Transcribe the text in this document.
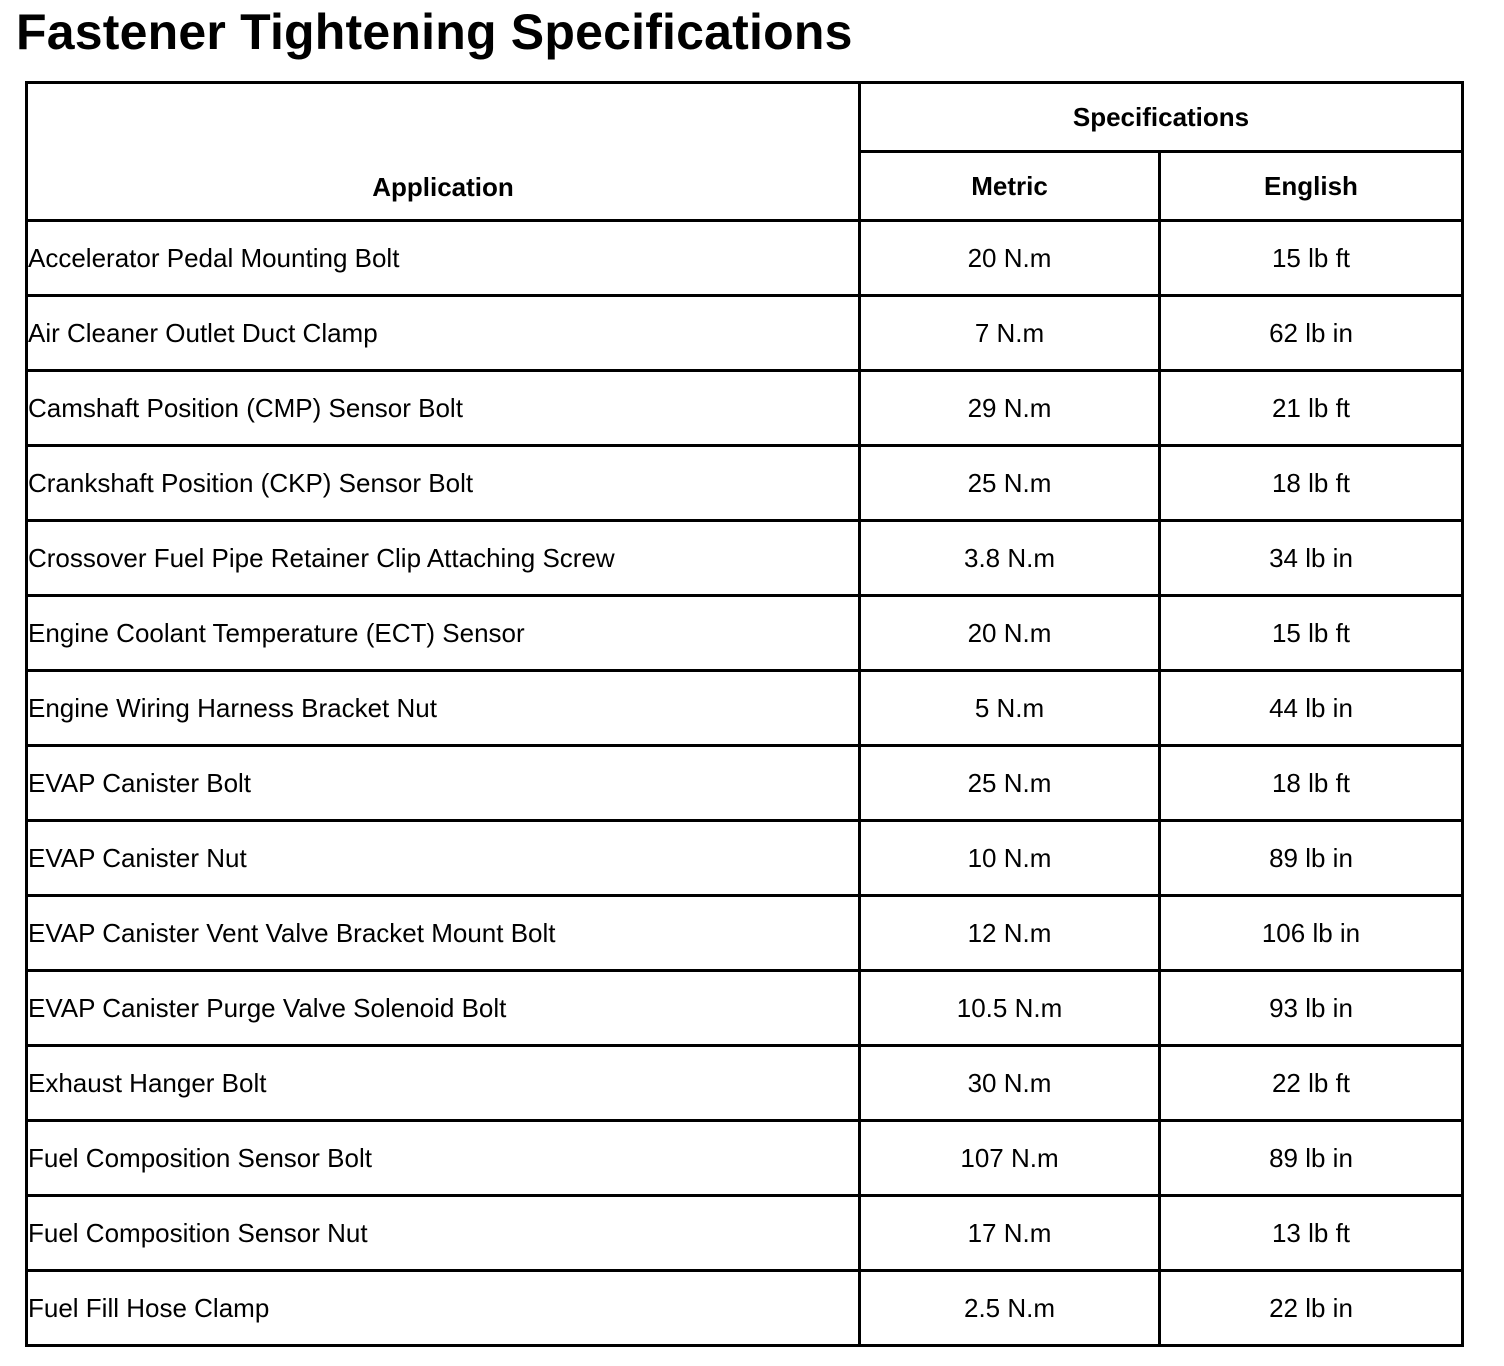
Fastener Tightening Specifications
Application	Specifications	
	Metric	English
Accelerator Pedal Mounting Bolt	20 N.m	15 lb ft
Air Cleaner Outlet Duct Clamp	7 N.m	62 lb in
Camshaft Position (CMP) Sensor Bolt	29 N.m	21 lb ft
Crankshaft Position (CKP) Sensor Bolt	25 N.m	18 lb ft
Crossover Fuel Pipe Retainer Clip Attaching Screw	3.8 N.m	34 lb in
Engine Coolant Temperature (ECT) Sensor	20 N.m	15 lb ft
Engine Wiring Harness Bracket Nut	5 N.m	44 lb in
EVAP Canister Bolt	25 N.m	18 lb ft
EVAP Canister Nut	10 N.m	89 lb in
EVAP Canister Vent Valve Bracket Mount Bolt	12 N.m	106 lb in
EVAP Canister Purge Valve Solenoid Bolt	10.5 N.m	93 lb in
Exhaust Hanger Bolt	30 N.m	22 lb ft
Fuel Composition Sensor Bolt	107 N.m	89 lb in
Fuel Composition Sensor Nut	17 N.m	13 lb ft
Fuel Fill Hose Clamp	2.5 N.m	22 lb in
